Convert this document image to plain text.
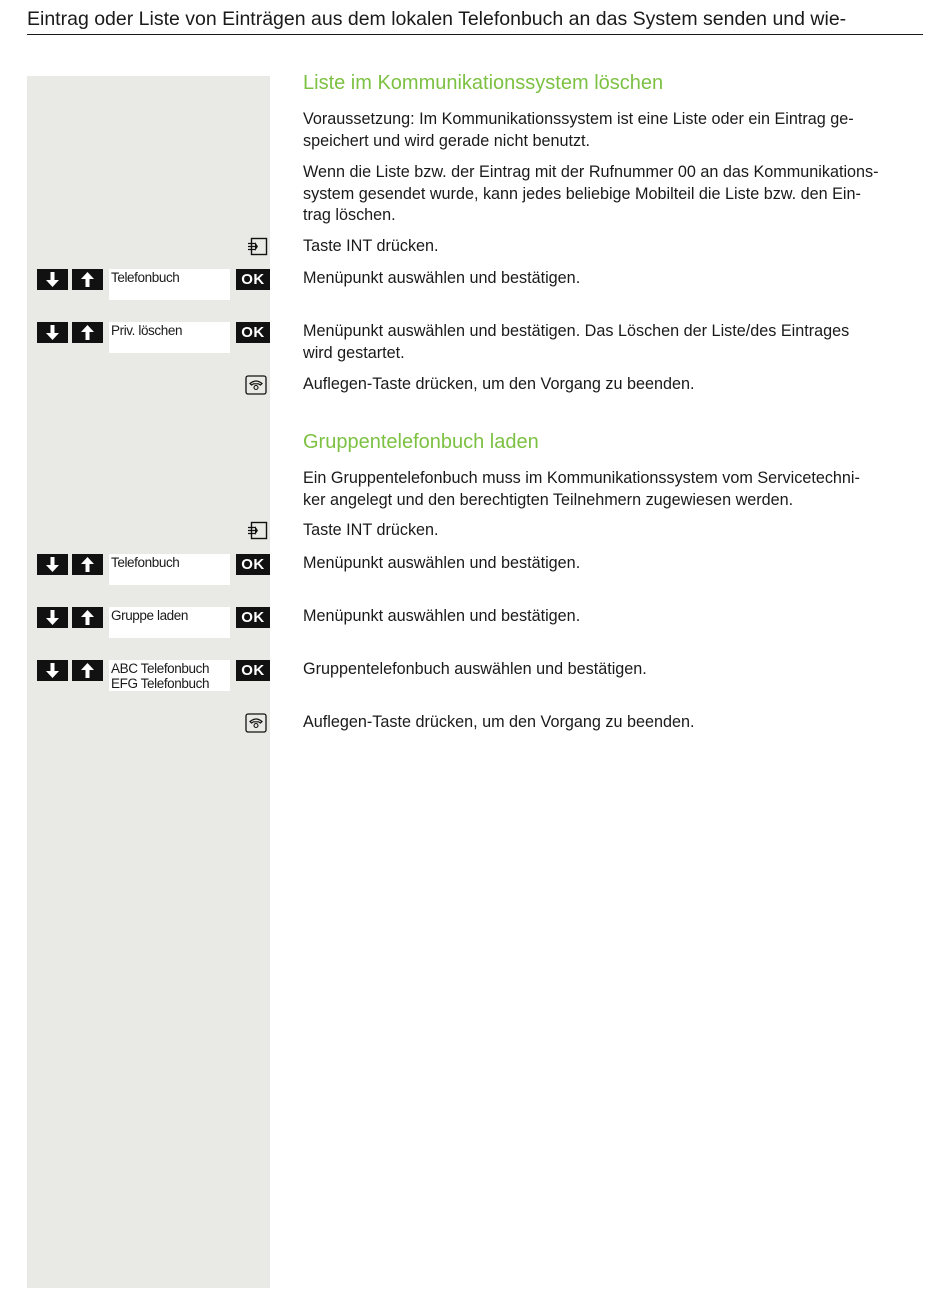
Eintrag oder Liste von Einträgen aus dem lokalen Telefonbuch an das System senden und wie-
Liste im Kommunikationssystem löschen
Voraussetzung: Im Kommunikationssystem ist eine Liste oder ein Eintrag ge-
speichert und wird gerade nicht benutzt.
Wenn die Liste bzw. der Eintrag mit der Rufnummer 00 an das Kommunikations-
system gesendet wurde, kann jedes beliebige Mobilteil die Liste bzw. den Ein-
trag löschen.
Taste INT drücken.
Telefonbuch	OK	Menüpunkt auswählen und bestätigen.
Priv. löschen	OK	Menüpunkt auswählen und bestätigen. Das Löschen der Liste/des Eintrages
wird gestartet.
Auflegen-Taste drücken, um den Vorgang zu beenden.
Gruppentelefonbuch laden
Ein Gruppentelefonbuch muss im Kommunikationssystem vom Servicetechni-
ker angelegt und den berechtigten Teilnehmern zugewiesen werden.
Taste INT drücken.
Telefonbuch	OK	Menüpunkt auswählen und bestätigen.
Gruppe laden	OK	Menüpunkt auswählen und bestätigen.
ABC Telefonbuch
EFG Telefonbuch
OK	Gruppentelefonbuch auswählen und bestätigen.
Auflegen-Taste drücken, um den Vorgang zu beenden.
